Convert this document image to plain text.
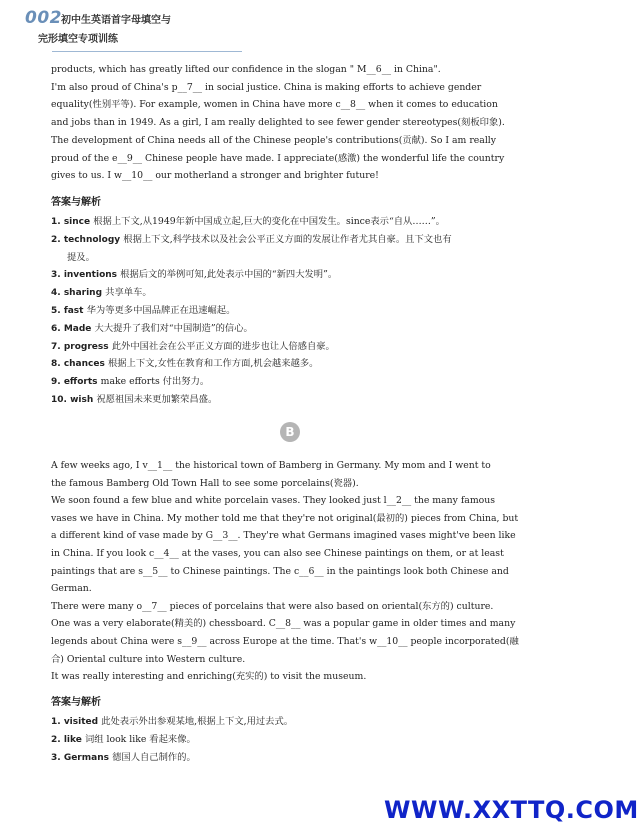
002 初中生英语首字母填空与
完形填空专项训练
products, which has greatly lifted our confidence in the slogan " M__6__ in China".
I'm also proud of China's p__7__ in social justice. China is making efforts to achieve gender
equality(性别平等). For example, women in China have more c__8__ when it comes to education
and jobs than in 1949. As a girl, I am really delighted to see fewer gender stereotypes(刻板印象).
The development of China needs all of the Chinese people's contributions(贡献). So I am really
proud of the e__9__ Chinese people have made. I appreciate(感激) the wonderful life the country
gives to us. I w__10__ our motherland a stronger and brighter future!
答案与解析
1. since 根据上下文,从1949年新中国成立起,巨大的变化在中国发生。since表示“自从……”。
2. technology 根据上下文,科学技术以及社会公平正义方面的发展让作者尤其自豪。且下文也有
提及。
3. inventions 根据后文的举例可知,此处表示中国的“新四大发明”。
4. sharing 共享单车。
5. fast 华为等更多中国品牌正在迅速崛起。
6. Made 大大提升了我们对“中国制造”的信心。
7. progress 此外中国社会在公平正义方面的进步也让人倍感自豪。
8. chances 根据上下文,女性在教育和工作方面,机会越来越多。
9. efforts make efforts 付出努力。
10. wish 祝愿祖国未来更加繁荣昌盛。
B
A few weeks ago, I v__1__ the historical town of Bamberg in Germany. My mom and I went to
the famous Bamberg Old Town Hall to see some porcelains(瓷器).
We soon found a few blue and white porcelain vases. They looked just l__2__ the many famous
vases we have in China. My mother told me that they're not original(最初的) pieces from China, but
a different kind of vase made by G__3__. They're what Germans imagined vases might've been like
in China. If you look c__4__ at the vases, you can also see Chinese paintings on them, or at least
paintings that are s__5__ to Chinese paintings. The c__6__ in the paintings look both Chinese and
German.
There were many o__7__ pieces of porcelains that were also based on oriental(东方的) culture.
One was a very elaborate(精美的) chessboard. C__8__ was a popular game in older times and many
legends about China were s__9__ across Europe at the time. That's w__10__ people incorporated(融
合) Oriental culture into Western culture.
It was really interesting and enriching(充实的) to visit the museum.
答案与解析
1. visited 此处表示外出参观某地,根据上下文,用过去式。
2. like 词组 look like 看起来像。
3. Germans 德国人自己制作的。
WWW.XXTTQ.COM
